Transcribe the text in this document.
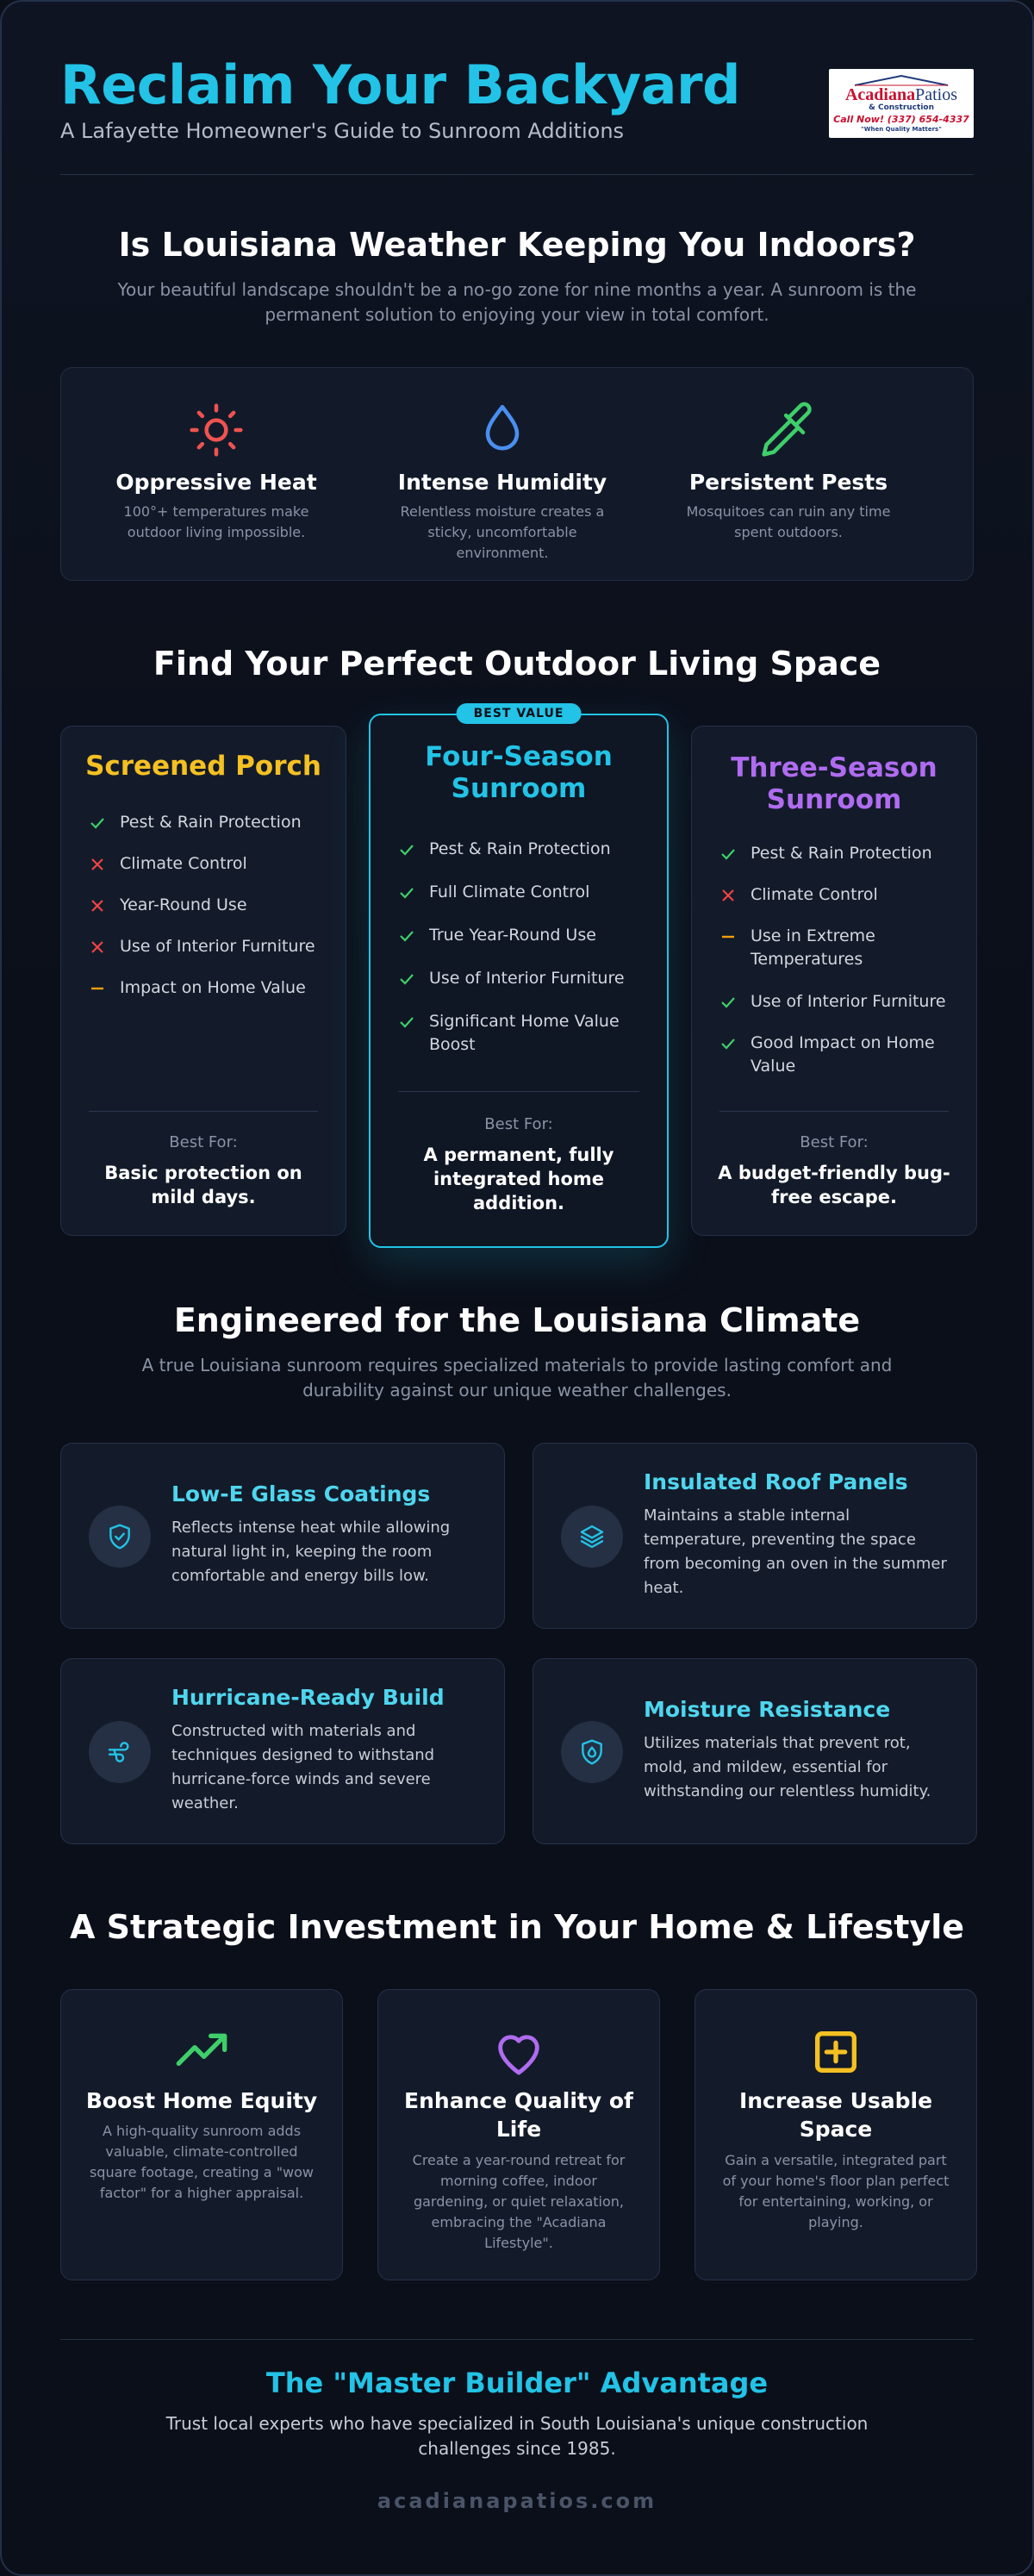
Reclaim Your Backyard
A Lafayette Homeowner's Guide to Sunroom Additions
AcadianaPatios
& Construction
Call Now! (337) 654-4337
"When Quality Matters"
Is Louisiana Weather Keeping You Indoors?
Your beautiful landscape shouldn't be a no-go zone for nine months a year. A sunroom is the permanent solution to enjoying your view in total comfort.
Oppressive Heat
100°+ temperatures make outdoor living impossible.
Intense Humidity
Relentless moisture creates a sticky, uncomfortable environment.
Persistent Pests
Mosquitoes can ruin any time spent outdoors.
Find Your Perfect Outdoor Living Space
Screened Porch
Pest & Rain Protection
Climate Control
Year-Round Use
Use of Interior Furniture
Impact on Home Value
Best For:
Basic protection on mild days.
BEST VALUE
Four-Season Sunroom
Pest & Rain Protection
Full Climate Control
True Year-Round Use
Use of Interior Furniture
Significant Home Value Boost
Best For:
A permanent, fully integrated home addition.
Three-Season Sunroom
Pest & Rain Protection
Climate Control
Use in Extreme Temperatures
Use of Interior Furniture
Good Impact on Home Value
Best For:
A budget-friendly bug-free escape.
Engineered for the Louisiana Climate
A true Louisiana sunroom requires specialized materials to provide lasting comfort and durability against our unique weather challenges.
Low-E Glass Coatings
Reflects intense heat while allowing natural light in, keeping the room comfortable and energy bills low.
Insulated Roof Panels
Maintains a stable internal temperature, preventing the space from becoming an oven in the summer heat.
Hurricane-Ready Build
Constructed with materials and techniques designed to withstand hurricane-force winds and severe weather.
Moisture Resistance
Utilizes materials that prevent rot, mold, and mildew, essential for withstanding our relentless humidity.
A Strategic Investment in Your Home & Lifestyle
Boost Home Equity
A high-quality sunroom adds valuable, climate-controlled square footage, creating a "wow factor" for a higher appraisal.
Enhance Quality of Life
Create a year-round retreat for morning coffee, indoor gardening, or quiet relaxation, embracing the "Acadiana Lifestyle".
Increase Usable Space
Gain a versatile, integrated part of your home's floor plan perfect for entertaining, working, or playing.
The "Master Builder" Advantage
Trust local experts who have specialized in South Louisiana's unique construction challenges since 1985.
acadianapatios.com
